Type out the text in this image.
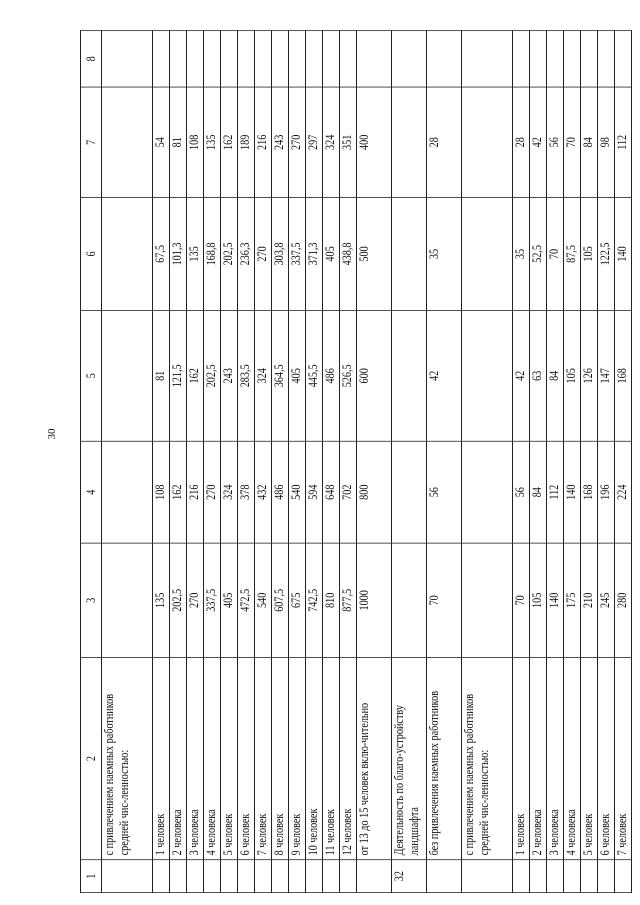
30
1	2	3	4	5	6	7	8
	с привлечением наемных работников средней чис-ленностью:						
	1 человек	135	108	81	67,5	54	
	2 человека	202,5	162	121,5	101,3	81	
	3 человека	270	216	162	135	108	
	4 человека	337,5	270	202,5	168,8	135	
	5 человек	405	324	243	202,5	162	
	6 человек	472,5	378	283,5	236,3	189	
	7 человек	540	432	324	270	216	
	8 человек	607,5	486	364,5	303,8	243	
	9 человек	675	540	405	337,5	270	
	10 человек	742,5	594	445,5	371,3	297	
	11 человек	810	648	486	405	324	
	12 человек	877,5	702	526,5	438,8	351	
	от 13 до 15 человек вклю-чительно	1000	800	600	500	400	
32	Деятельность по благо-устройству ландшафта						
	без привлечения наемных работников	70	56	42	35	28	
	с привлечением наемных работников средней чис-ленностью:						
	1 человек	70	56	42	35	28	
	2 человека	105	84	63	52,5	42	
	3 человека	140	112	84	70	56	
	4 человека	175	140	105	87,5	70	
	5 человек	210	168	126	105	84	
	6 человек	245	196	147	122,5	98	
	7 человек	280	224	168	140	112	
